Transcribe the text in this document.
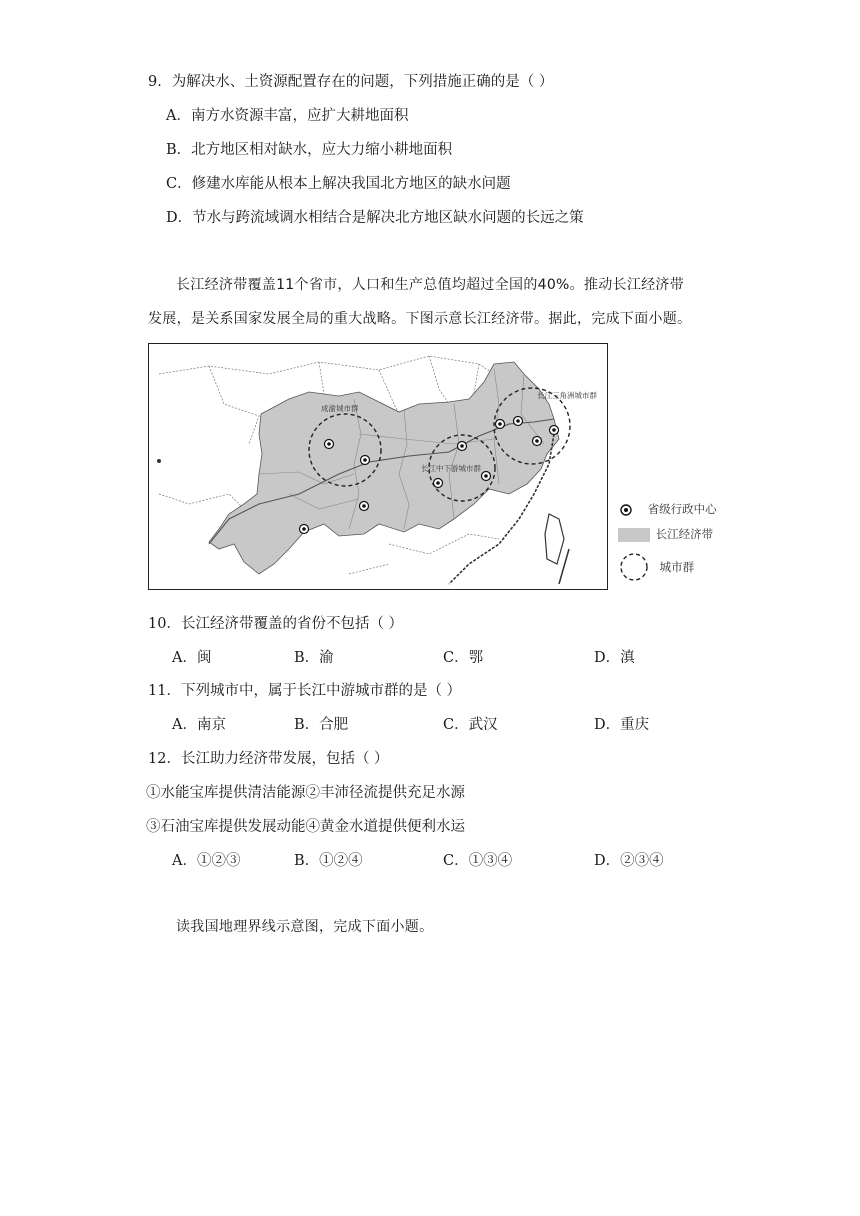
9．为解决水、土资源配置存在的问题，下列措施正确的是（ ）
A．南方水资源丰富，应扩大耕地面积
B．北方地区相对缺水，应大力缩小耕地面积
C．修建水库能从根本上解决我国北方地区的缺水问题
D．节水与跨流域调水相结合是解决北方地区缺水问题的长远之策
长江经济带覆盖11个省市，人口和生产总值均超过全国的40%。推动长江经济带
发展，是关系国家发展全局的重大战略。下图示意长江经济带。据此，完成下面小题。
成渝城市群
长江中下游城市群
长江三角洲城市群
省级行政中心
长江经济带
城市群
10．长江经济带覆盖的省份不包括（ ）
A．闽	B．渝	C．鄂	D．滇
11．下列城市中，属于长江中游城市群的是（ ）
A．南京	B．合肥	C．武汉	D．重庆
12．长江助力经济带发展，包括（ ）
①水能宝库提供清洁能源②丰沛径流提供充足水源
③石油宝库提供发展动能④黄金水道提供便利水运
A．①②③	B．①②④	C．①③④	D．②③④
读我国地理界线示意图，完成下面小题。
